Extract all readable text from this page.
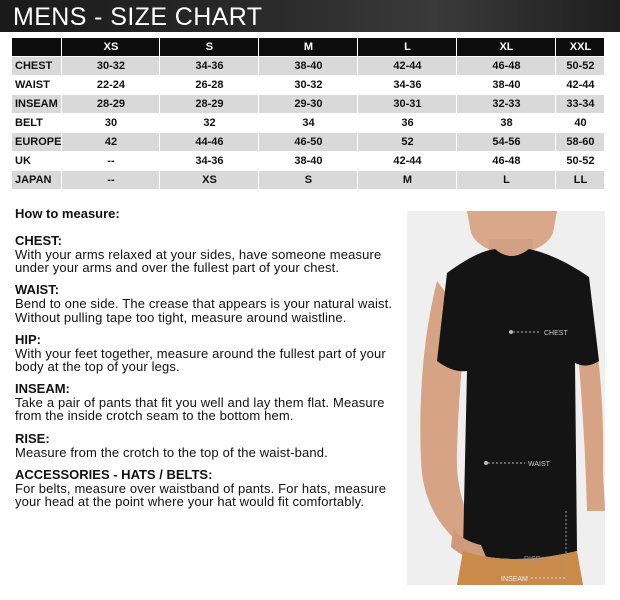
MENS - SIZE CHART
	XS	S	M	L	XL	XXL
CHEST	30-32	34-36	38-40	42-44	46-48	50-52
WAIST	22-24	26-28	30-32	34-36	38-40	42-44
INSEAM	28-29	28-29	29-30	30-31	32-33	33-34
BELT	30	32	34	36	38	40
EUROPE	42	44-46	46-50	52	54-56	58-60
UK	--	34-36	38-40	42-44	46-48	50-52
JAPAN	--	XS	S	M	L	LL
How to measure:
CHEST:
With your arms relaxed at your sides, have someone measure under your arms and over the fullest part of your chest.
WAIST:
Bend to one side. The crease that appears is your natural waist. Without pulling tape too tight, measure around waistline.
HIP:
With your feet together, measure around the fullest part of your body at the top of your legs.
INSEAM:
Take a pair of pants that fit you well and lay them flat. Measure from the inside crotch seam to the bottom hem.
RISE:
Measure from the crotch to the top of the waist-band.
ACCESSORIES - HATS / BELTS:
For belts, measure over waistband of pants. For hats, measure your head at the point where your hat would fit comfortably.
CHEST
WAIST
RISE
INSEAM
